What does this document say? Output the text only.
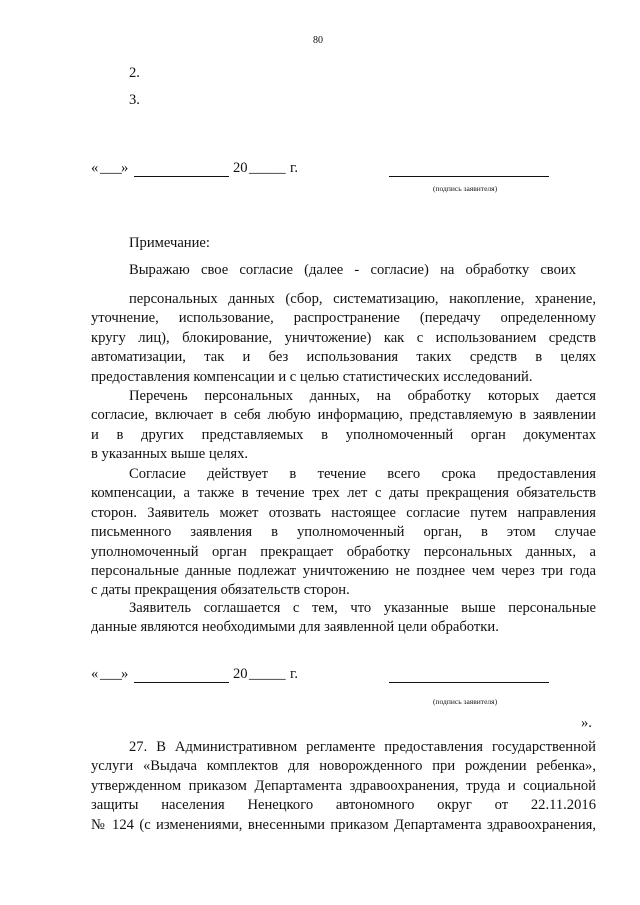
80
2.
3.
« ___ »	20 _____ г.
(подпись заявителя)
Примечание:
Выражаю свое согласие (далее - согласие) на обработку своих
персональных данных (сбор, систематизацию, накопление, хранение,
уточнение, использование, распространение (передачу определенному
кругу лиц), блокирование, уничтожение) как с использованием средств
автоматизации, так и без использования таких средств в целях
предоставления компенсации и с целью статистических исследований.
Перечень персональных данных, на обработку которых дается
согласие, включает в себя любую информацию, представляемую в заявлении
и в других представляемых в уполномоченный орган документах
в указанных выше целях.
Согласие действует в течение всего срока предоставления
компенсации, а также в течение трех лет с даты прекращения обязательств
сторон. Заявитель может отозвать настоящее согласие путем направления
письменного заявления в уполномоченный орган, в этом случае
уполномоченный орган прекращает обработку персональных данных, а
персональные данные подлежат уничтожению не позднее чем через три года
с даты прекращения обязательств сторон.
Заявитель соглашается с тем, что указанные выше персональные
данные являются необходимыми для заявленной цели обработки.
« ___ »	20 _____ г.
(подпись заявителя)
».
27. В Административном регламенте предоставления государственной
услуги «Выдача комплектов для новорожденного при рождении ребенка»,
утвержденном приказом Департамента здравоохранения, труда и социальной
защиты населения Ненецкого автономного округ от 22.11.2016
№ 124 (с изменениями, внесенными приказом Департамента здравоохранения,
